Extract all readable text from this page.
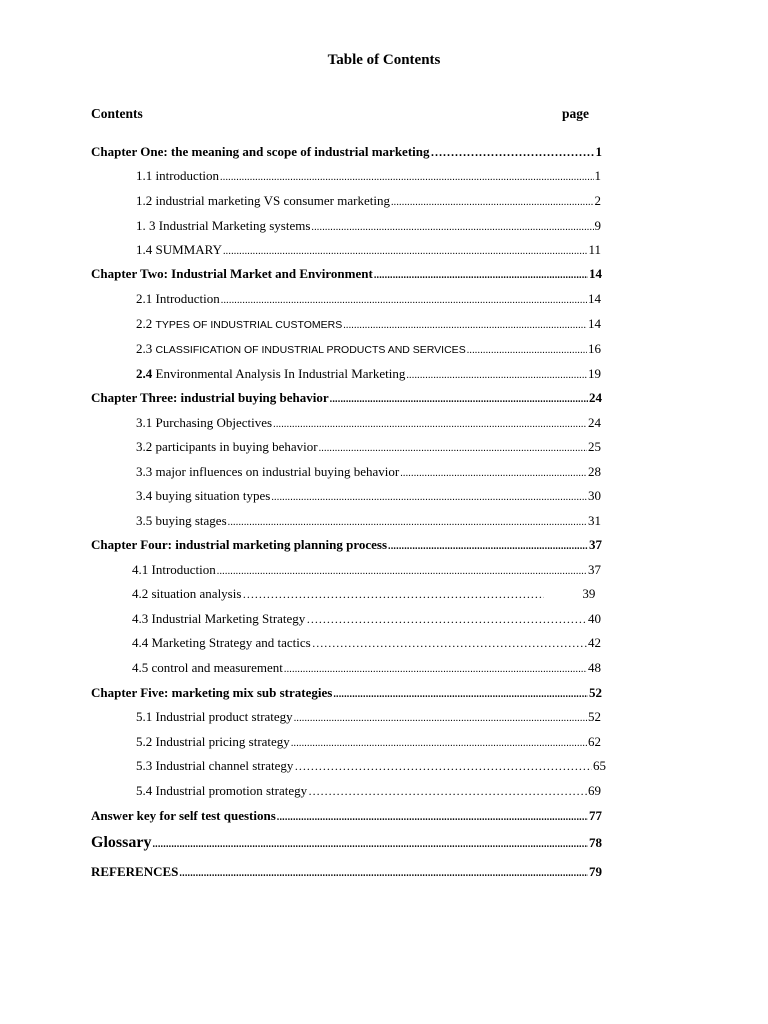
Table of Contents
Contents	page
Chapter One: the meaning and scope of industrial marketing ………………………………………………………………………………………………………………………………………………………………………………………………………………	1
1.1 introduction .....	1
1.2 industrial marketing VS consumer marketing .....	2
1. 3 Industrial Marketing systems .....	9
1.4 SUMMARY .....	11
Chapter Two: Industrial Market and Environment .....	14
2.1 Introduction .....	14
2.2 TYPES OF INDUSTRIAL CUSTOMERS .....	14
2.3 CLASSIFICATION OF INDUSTRIAL PRODUCTS AND SERVICES .....	16
2.4 Environmental Analysis In Industrial Marketing .....	19
Chapter Three: industrial buying behavior .....	24
3.1 Purchasing Objectives .....	24
3.2 participants in buying behavior .....	25
3.3 major influences on industrial buying behavior .....	28
3.4 buying situation types .....	30
3.5 buying stages .....	31
Chapter Four: industrial marketing planning process .....	37
4.1 Introduction .....	37
4.2 situation analysis ………………………………………………………………………………………………………………………………………………………………………………………………………………	39
4.3 Industrial Marketing Strategy ………………………………………………………………………………………………………………………………………………………………………………………………………………	40
4.4 Marketing Strategy and tactics ………………………………………………………………………………………………………………………………………………………………………………………………………………	42
4.5 control and measurement .....	48
Chapter Five: marketing mix sub strategies .....	52
5.1 Industrial product strategy .....	52
5.2 Industrial pricing strategy .....	62
5.3 Industrial channel strategy ………………………………………………………………………………………………………………………………………………………………………………………………………………	65
5.4 Industrial promotion strategy ………………………………………………………………………………………………………………………………………………………………………………………………………………	69
Answer key for self test questions .....	77
Glossary .....	78
REFERENCES .....	79
